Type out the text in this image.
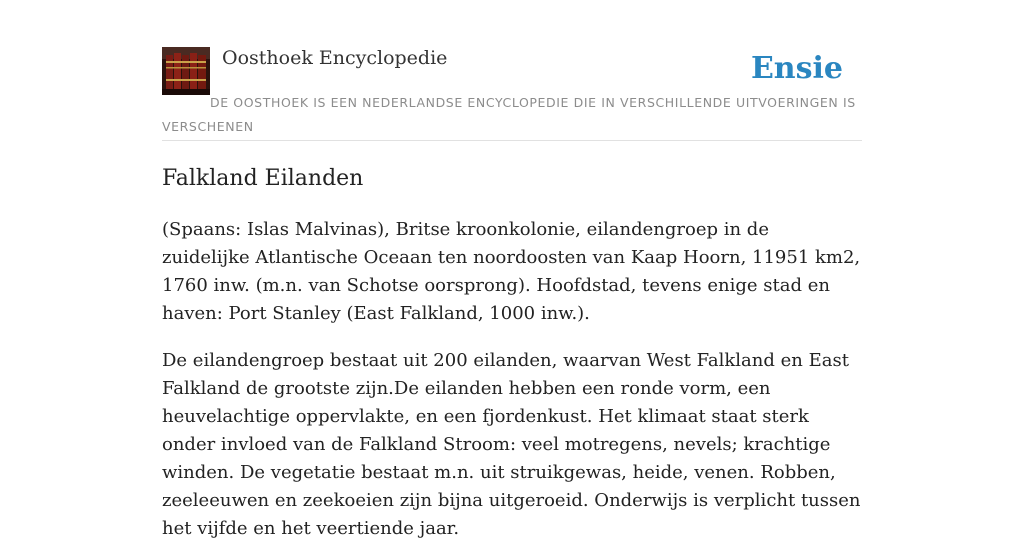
Oosthoek Encyclopedie	Ensie
DE OOSTHOEK IS EEN NEDERLANDSE ENCYCLOPEDIE DIE IN VERSCHILLENDE UITVOERINGEN IS VERSCHENEN
Falkland Eilanden

(Spaans: Islas Malvinas), Britse kroonkolonie, eilandengroep in de zuidelijke Atlantische Oceaan ten noordoosten van Kaap Hoorn, 11951 km2, 1760 inw. (m.n. van Schotse oorsprong). Hoofdstad, tevens enige stad en haven: Port Stanley (East Falkland, 1000 inw.).

De eilandengroep bestaat uit 200 eilanden, waarvan West Falkland en East Falkland de grootste zijn.De eilanden hebben een ronde vorm, een heuvelachtige oppervlakte, en een fjordenkust. Het klimaat staat sterk onder invloed van de Falkland Stroom: veel motregens, nevels; krachtige winden. De vegetatie bestaat m.n. uit struikgewas, heide, venen. Robben, zeeleeuwen en zeekoeien zijn bijna uitgeroeid. Onderwijs is verplicht tussen het vijfde en het veertiende jaar.
